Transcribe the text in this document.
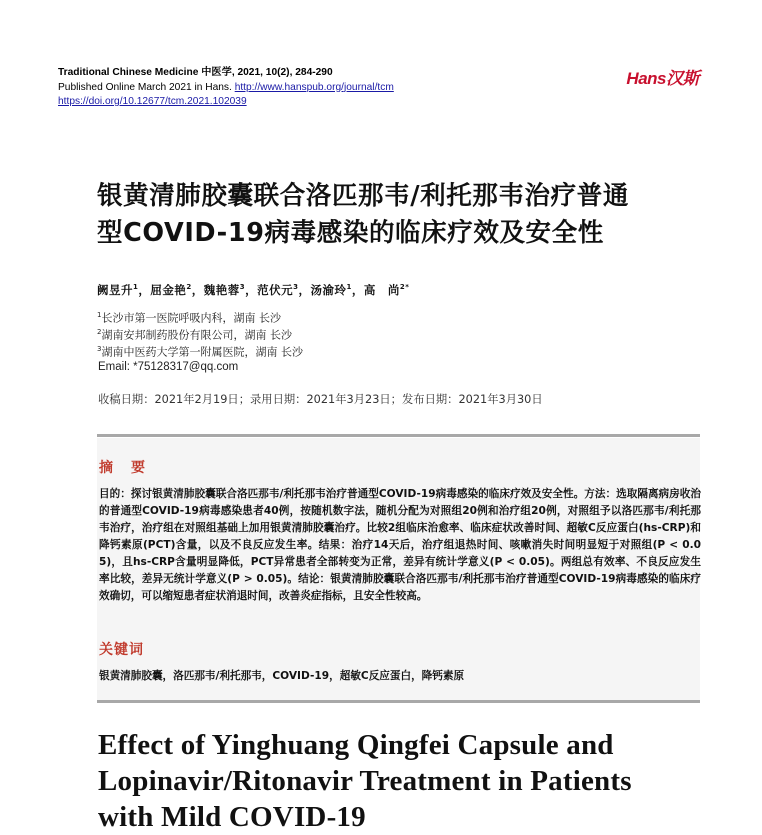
Traditional Chinese Medicine 中医学, 2021, 10(2), 284-290
Published Online March 2021 in Hans. http://www.hanspub.org/journal/tcm
https://doi.org/10.12677/tcm.2021.102039
Hans汉斯
银黄清肺胶囊联合洛匹那韦/利托那韦治疗普通
型COVID-19病毒感染的临床疗效及安全性
阙昱升$^1$，屈金艳$^2$，魏艳蓉$^3$，范伏元$^3$，汤渝玲$^1$，高　尚$^{2*}$
$^1$长沙市第一医院呼吸内科，湖南 长沙
$^2$湖南安邦制药股份有限公司，湖南 长沙
$^3$湖南中医药大学第一附属医院，湖南 长沙
Email: *75128317@qq.com
收稿日期：2021年2月19日；录用日期：2021年3月23日；发布日期：2021年3月30日
摘　要
目的：探讨银黄清肺胶囊联合洛匹那韦/利托那韦治疗普通型COVID-19病毒感染的临床疗效及安全性。方法：选取隔离病房收治的普通型COVID-19病毒感染患者40例，按随机数字法，随机分配为对照组20例和治疗组20例，对照组予以洛匹那韦/利托那韦治疗，治疗组在对照组基础上加用银黄清肺胶囊治疗。比较2组临床治愈率、临床症状改善时间、超敏C反应蛋白(hs-CRP)和降钙素原(PCT)含量，以及不良反应发生率。结果：治疗14天后，治疗组退热时间、咳嗽消失时间明显短于对照组(P < 0.05)，且hs-CRP含量明显降低，PCT异常患者全部转变为正常，差异有统计学意义(P < 0.05)。两组总有效率、不良反应发生率比较，差异无统计学意义(P > 0.05)。结论：银黄清肺胶囊联合洛匹那韦/利托那韦治疗普通型COVID-19病毒感染的临床疗效确切，可以缩短患者症状消退时间，改善炎症指标，且安全性较高。
关键词
银黄清肺胶囊，洛匹那韦/利托那韦，COVID-19，超敏C反应蛋白，降钙素原
Effect of Yinghuang Qingfei Capsule and
Lopinavir/Ritonavir Treatment in Patients
with Mild COVID-19
